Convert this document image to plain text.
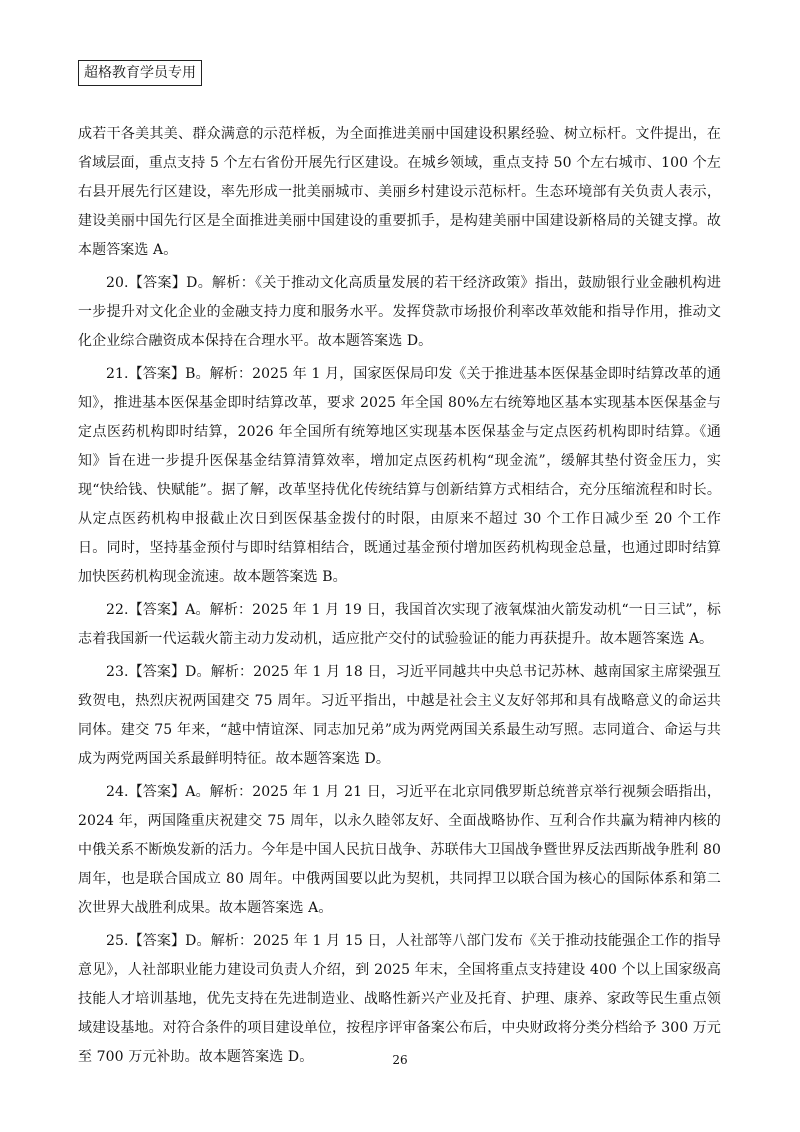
超格教育学员专用

成若干各美其美、群众满意的示范样板，为全面推进美丽中国建设积累经验、树立标杆。文件提出，在省域层面，重点支持 5 个左右省份开展先行区建设。在城乡领域，重点支持 50 个左右城市、100 个左右县开展先行区建设，率先形成一批美丽城市、美丽乡村建设示范标杆。生态环境部有关负责人表示，建设美丽中国先行区是全面推进美丽中国建设的重要抓手，是构建美丽中国建设新格局的关键支撑。故本题答案选 A。

20.【答案】D。解析：《关于推动文化高质量发展的若干经济政策》指出，鼓励银行业金融机构进一步提升对文化企业的金融支持力度和服务水平。发挥贷款市场报价利率改革效能和指导作用，推动文化企业综合融资成本保持在合理水平。故本题答案选 D。

21.【答案】B。解析：2025 年 1 月，国家医保局印发《关于推进基本医保基金即时结算改革的通知》，推进基本医保基金即时结算改革，要求 2025 年全国 80%左右统筹地区基本实现基本医保基金与定点医药机构即时结算，2026 年全国所有统筹地区实现基本医保基金与定点医药机构即时结算。《通知》旨在进一步提升医保基金结算清算效率，增加定点医药机构“现金流”，缓解其垫付资金压力，实现“快给钱、快赋能”。据了解，改革坚持优化传统结算与创新结算方式相结合，充分压缩流程和时长。从定点医药机构申报截止次日到医保基金拨付的时限，由原来不超过 30 个工作日减少至 20 个工作日。同时，坚持基金预付与即时结算相结合，既通过基金预付增加医药机构现金总量，也通过即时结算加快医药机构现金流速。故本题答案选 B。

22.【答案】A。解析：2025 年 1 月 19 日，我国首次实现了液氧煤油火箭发动机“一日三试”，标志着我国新一代运载火箭主动力发动机，适应批产交付的试验验证的能力再获提升。故本题答案选 A。

23.【答案】D。解析：2025 年 1 月 18 日，习近平同越共中央总书记苏林、越南国家主席梁强互致贺电，热烈庆祝两国建交 75 周年。习近平指出，中越是社会主义友好邻邦和具有战略意义的命运共同体。建交 75 年来，“越中情谊深、同志加兄弟”成为两党两国关系最生动写照。志同道合、命运与共成为两党两国关系最鲜明特征。故本题答案选 D。

24.【答案】A。解析：2025 年 1 月 21 日，习近平在北京同俄罗斯总统普京举行视频会晤指出，2024 年，两国隆重庆祝建交 75 周年，以永久睦邻友好、全面战略协作、互利合作共赢为精神内核的中俄关系不断焕发新的活力。今年是中国人民抗日战争、苏联伟大卫国战争暨世界反法西斯战争胜利 80 周年，也是联合国成立 80 周年。中俄两国要以此为契机，共同捍卫以联合国为核心的国际体系和第二次世界大战胜利成果。故本题答案选 A。

25.【答案】D。解析：2025 年 1 月 15 日，人社部等八部门发布《关于推动技能强企工作的指导意见》，人社部职业能力建设司负责人介绍，到 2025 年末，全国将重点支持建设 400 个以上国家级高技能人才培训基地，优先支持在先进制造业、战略性新兴产业及托育、护理、康养、家政等民生重点领域建设基地。对符合条件的项目建设单位，按程序评审备案公布后，中央财政将分类分档给予 300 万元至 700 万元补助。故本题答案选 D。	26
